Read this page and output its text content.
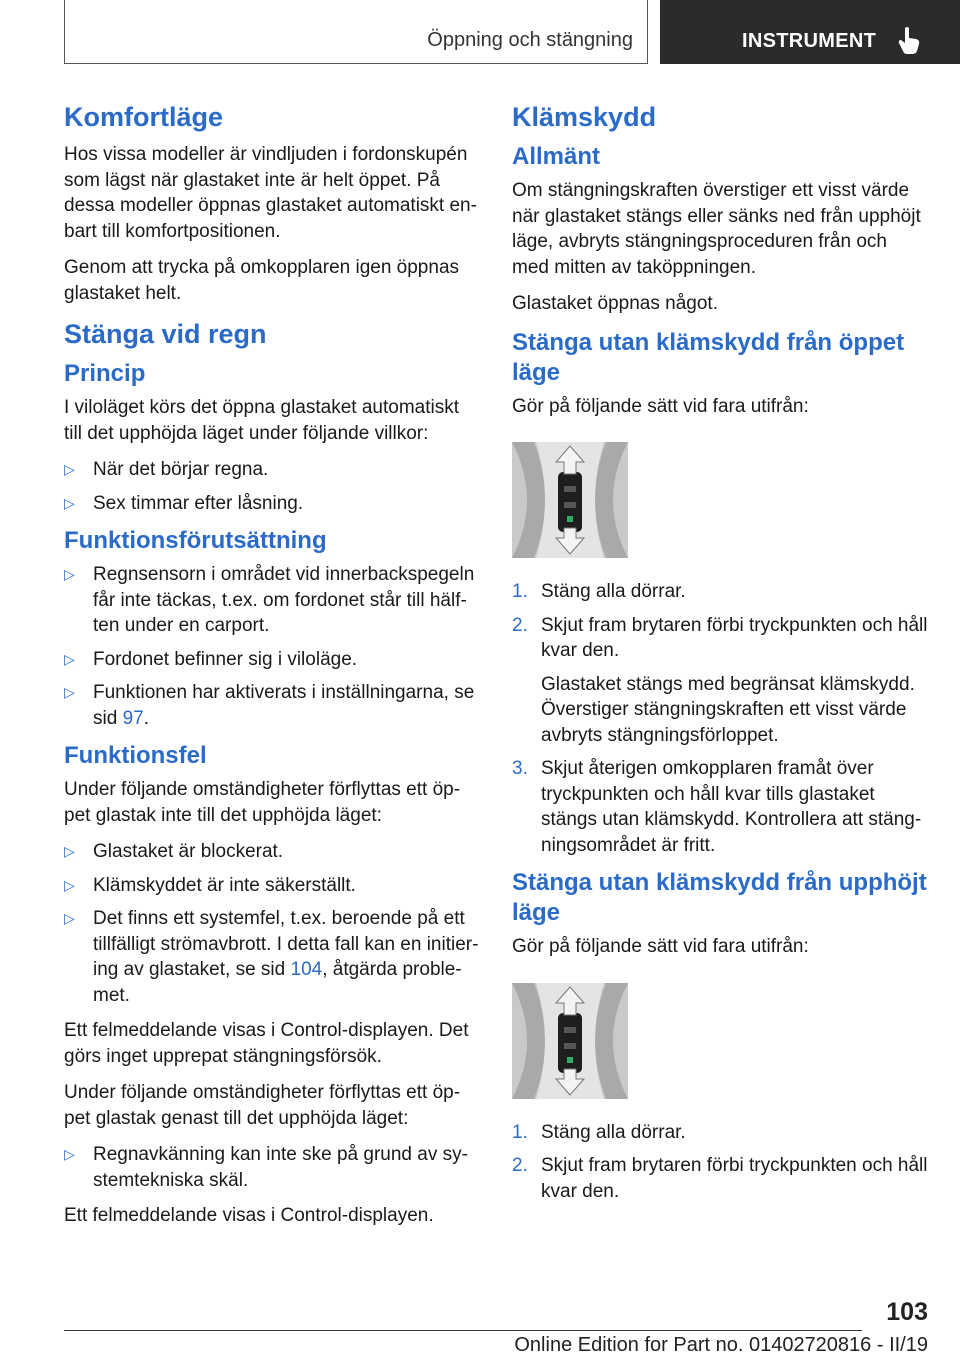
Öppning och stängning	INSTRUMENT
Komfortläge

Hos vissa modeller är vindljuden i fordonskupén som lägst när glastaket inte är helt öppet. På dessa modeller öppnas glastaket automatiskt enbart till komfortpositionen.

Genom att trycka på omkopplaren igen öppnas glastaket helt.

Stänga vid regn
Princip

I viloläget körs det öppna glastaket automatiskt till det upphöjda läget under följande villkor:

▷ När det börjar regna.
▷ Sex timmar efter låsning.
Funktionsförutsättning
▷ Regnsensorn i området vid innerbackspegeln får inte täckas, t.ex. om fordonet står till hälften under en carport.
▷ Fordonet befinner sig i viloläge.
▷ Funktionen har aktiverats i inställningarna, se sid 97.
Funktionsfel

Under följande omständigheter förflyttas ett öppet glastak inte till det upphöjda läget:

▷ Glastaket är blockerat.
▷ Klämskyddet är inte säkerställt.
▷ Det finns ett systemfel, t.ex. beroende på ett tillfälligt strömavbrott. I detta fall kan en initiering av glastaket, se sid 104, åtgärda problemet.

Ett felmeddelande visas i Control-displayen. Det görs inget upprepat stängningsförsök.

Under följande omständigheter förflyttas ett öppet glastak genast till det upphöjda läget:

▷ Regnavkänning kan inte ske på grund av systemtekniska skäl.

Ett felmeddelande visas i Control-displayen.

Klämskydd
Allmänt

Om stängningskraften överstiger ett visst värde när glastaket stängs eller sänks ned från upphöjt läge, avbryts stängningsproceduren från och med mitten av taköppningen.

Glastaket öppnas något.

Stänga utan klämskydd från öppet läge

Gör på följande sätt vid fara utifrån:

1. Stäng alla dörrar.
2. Skjut fram brytaren förbi tryckpunkten och håll kvar den.
Glastaket stängs med begränsat klämskydd. Överstiger stängningskraften ett visst värde avbryts stängningsförloppet.
3. Skjut återigen omkopplaren framåt över tryckpunkten och håll kvar tills glastaket stängs utan klämskydd. Kontrollera att stängningsområdet är fritt.
Stänga utan klämskydd från upphöjt läge

Gör på följande sätt vid fara utifrån:

1. Stäng alla dörrar.
2. Skjut fram brytaren förbi tryckpunkten och håll kvar den.
103
Online Edition for Part no. 01402720816 - II/19
